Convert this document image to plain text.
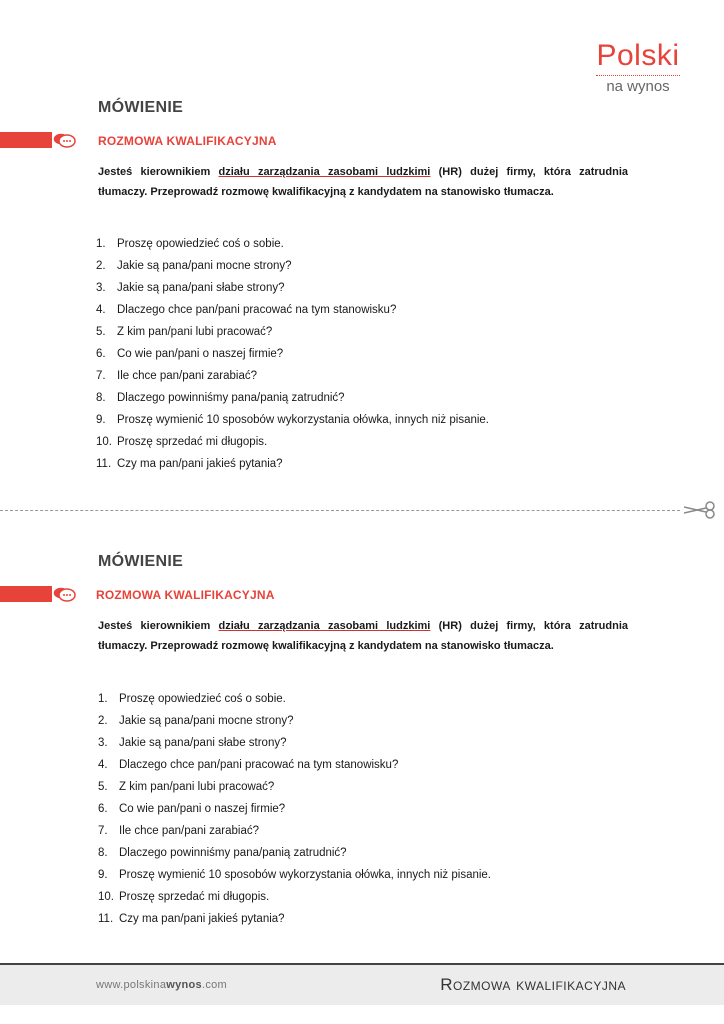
Polski
na wynos
MÓWIENIE
ROZMOWA KWALIFIKACYJNA
Jesteś kierownikiem działu zarządzania zasobami ludzkimi (HR) dużej firmy, która zatrudnia tłumaczy. Przeprowadź rozmowę kwalifikacyjną z kandydatem na stanowisko tłumacza.
1. Proszę opowiedzieć coś o sobie.
2. Jakie są pana/pani mocne strony?
3. Jakie są pana/pani słabe strony?
4. Dlaczego chce pan/pani pracować na tym stanowisku?
5. Z kim pan/pani lubi pracować?
6. Co wie pan/pani o naszej firmie?
7. Ile chce pan/pani zarabiać?
8. Dlaczego powinniśmy pana/panią zatrudnić?
9. Proszę wymienić 10 sposobów wykorzystania ołówka, innych niż pisanie.
10. Proszę sprzedać mi długopis.
11. Czy ma pan/pani jakieś pytania?
MÓWIENIE
ROZMOWA KWALIFIKACYJNA
Jesteś kierownikiem działu zarządzania zasobami ludzkimi (HR) dużej firmy, która zatrudnia tłumaczy. Przeprowadź rozmowę kwalifikacyjną z kandydatem na stanowisko tłumacza.
1. Proszę opowiedzieć coś o sobie.
2. Jakie są pana/pani mocne strony?
3. Jakie są pana/pani słabe strony?
4. Dlaczego chce pan/pani pracować na tym stanowisku?
5. Z kim pan/pani lubi pracować?
6. Co wie pan/pani o naszej firmie?
7. Ile chce pan/pani zarabiać?
8. Dlaczego powinniśmy pana/panią zatrudnić?
9. Proszę wymienić 10 sposobów wykorzystania ołówka, innych niż pisanie.
10. Proszę sprzedać mi długopis.
11. Czy ma pan/pani jakieś pytania?
www.polskinawynos.com	Rozmowa kwalifikacyjna
